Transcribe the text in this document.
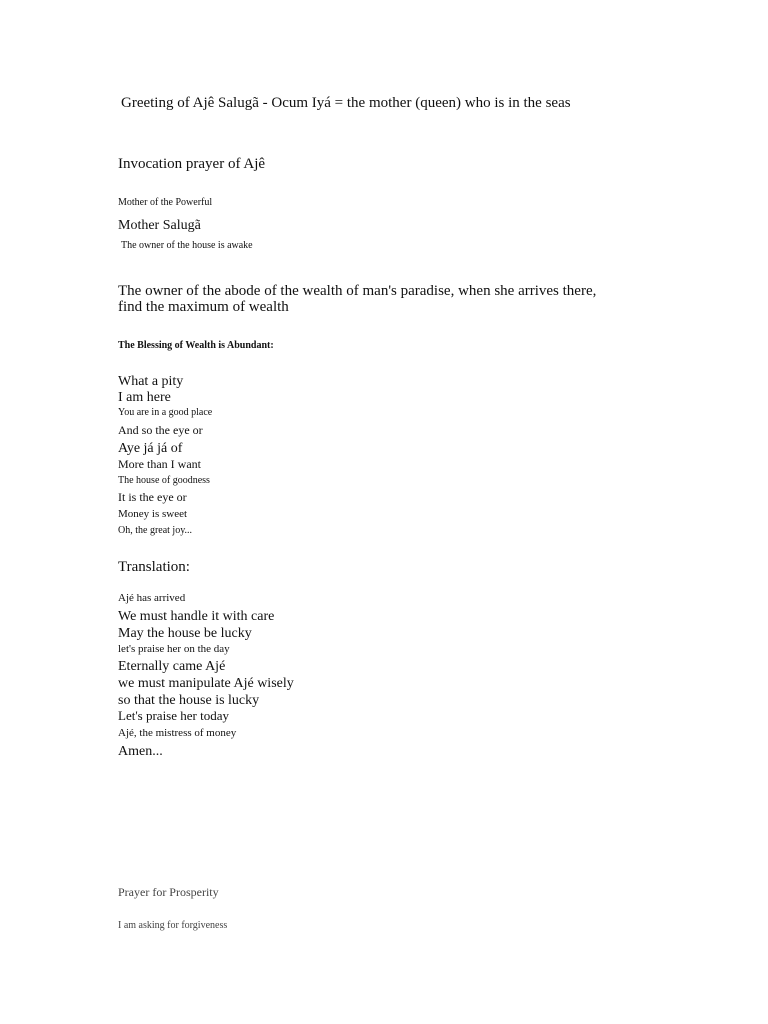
Greeting of Ajê Salugã - Ocum Iyá = the mother (queen) who is in the seas
Invocation prayer of Ajê
Mother of the Powerful
Mother Salugã
The owner of the house is awake
The owner of the abode of the wealth of man's paradise, when she arrives there, find the maximum of wealth
The Blessing of Wealth is Abundant:
What a pity
I am here
You are in a good place
And so the eye or
Aye já já of
More than I want
The house of goodness
It is the eye or
Money is sweet
Oh, the great joy...
Translation:
Ajé has arrived
We must handle it with care
May the house be lucky
let's praise her on the day
Eternally came Ajé
we must manipulate Ajé wisely
so that the house is lucky
Let's praise her today
Ajé, the mistress of money
Amen...
Prayer for Prosperity
I am asking for forgiveness
